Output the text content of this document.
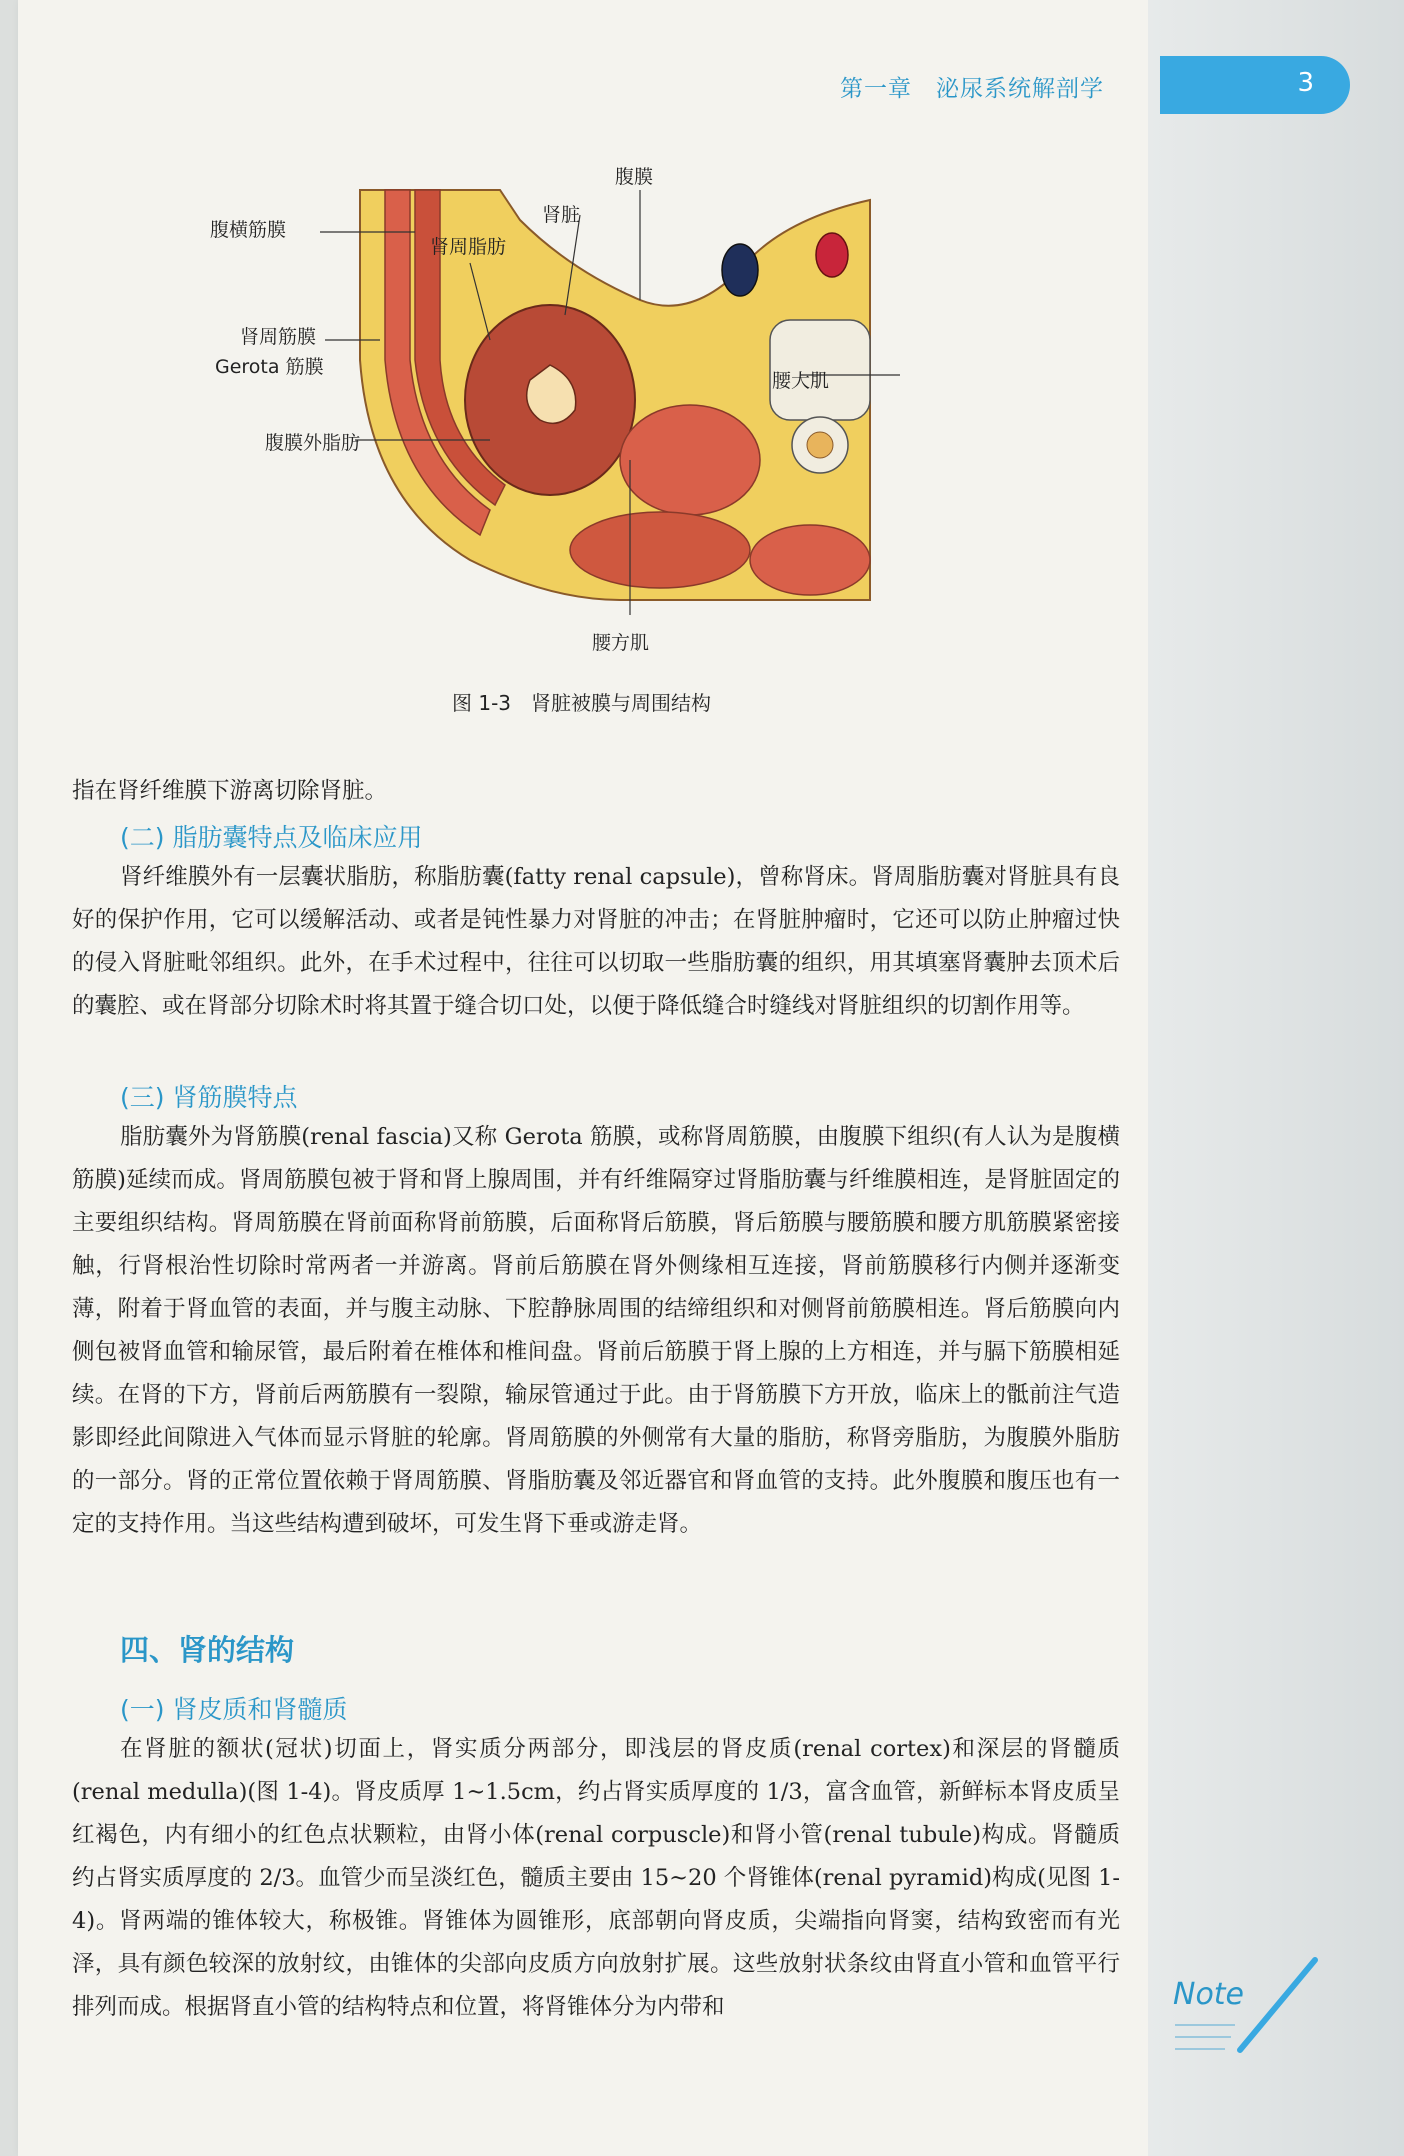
第一章　泌尿系统解剖学	3
腹膜
肾脏
腹横筋膜
肾周脂肪
肾周筋膜
Gerota 筋膜
腰大肌
腹膜外脂肪
腰方肌
图 1-3　肾脏被膜与周围结构

指在肾纤维膜下游离切除肾脏。

(二) 脂肪囊特点及临床应用

肾纤维膜外有一层囊状脂肪，称脂肪囊(fatty renal capsule)，曾称肾床。肾周脂肪囊对肾脏具有良好的保护作用，它可以缓解活动、或者是钝性暴力对肾脏的冲击；在肾脏肿瘤时，它还可以防止肿瘤过快的侵入肾脏毗邻组织。此外，在手术过程中，往往可以切取一些脂肪囊的组织，用其填塞肾囊肿去顶术后的囊腔、或在肾部分切除术时将其置于缝合切口处，以便于降低缝合时缝线对肾脏组织的切割作用等。

(三) 肾筋膜特点

脂肪囊外为肾筋膜(renal fascia)又称 Gerota 筋膜，或称肾周筋膜，由腹膜下组织(有人认为是腹横筋膜)延续而成。肾周筋膜包被于肾和肾上腺周围，并有纤维隔穿过肾脂肪囊与纤维膜相连，是肾脏固定的主要组织结构。肾周筋膜在肾前面称肾前筋膜，后面称肾后筋膜，肾后筋膜与腰筋膜和腰方肌筋膜紧密接触，行肾根治性切除时常两者一并游离。肾前后筋膜在肾外侧缘相互连接，肾前筋膜移行内侧并逐渐变薄，附着于肾血管的表面，并与腹主动脉、下腔静脉周围的结缔组织和对侧肾前筋膜相连。肾后筋膜向内侧包被肾血管和输尿管，最后附着在椎体和椎间盘。肾前后筋膜于肾上腺的上方相连，并与膈下筋膜相延续。在肾的下方，肾前后两筋膜有一裂隙，输尿管通过于此。由于肾筋膜下方开放，临床上的骶前注气造影即经此间隙进入气体而显示肾脏的轮廓。肾周筋膜的外侧常有大量的脂肪，称肾旁脂肪，为腹膜外脂肪的一部分。肾的正常位置依赖于肾周筋膜、肾脂肪囊及邻近器官和肾血管的支持。此外腹膜和腹压也有一定的支持作用。当这些结构遭到破坏，可发生肾下垂或游走肾。

四、肾的结构
(一) 肾皮质和肾髓质

在肾脏的额状(冠状)切面上，肾实质分两部分，即浅层的肾皮质(renal cortex)和深层的肾髓质(renal medulla)(图 1-4)。肾皮质厚 1~1.5cm，约占肾实质厚度的 1/3，富含血管，新鲜标本肾皮质呈红褐色，内有细小的红色点状颗粒，由肾小体(renal corpuscle)和肾小管(renal tubule)构成。肾髓质约占肾实质厚度的 2/3。血管少而呈淡红色，髓质主要由 15~20 个肾锥体(renal pyramid)构成(见图 1-4)。肾两端的锥体较大，称极锥。肾锥体为圆锥形，底部朝向肾皮质，尖端指向肾窦，结构致密而有光泽，具有颜色较深的放射纹，由锥体的尖部向皮质方向放射扩展。这些放射状条纹由肾直小管和血管平行排列而成。根据肾直小管的结构特点和位置，将肾锥体分为内带和	Note
